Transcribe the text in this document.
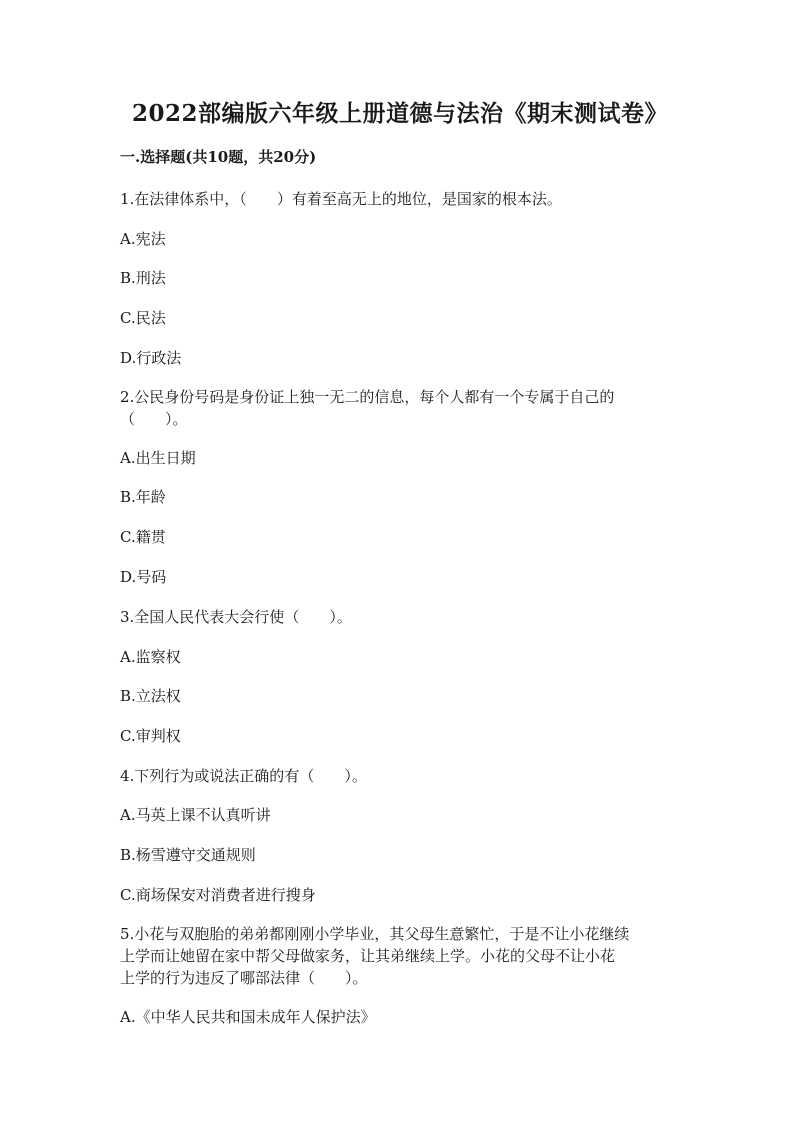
2022部编版六年级上册道德与法治《期末测试卷》
一.选择题(共10题，共20分)
1.在法律体系中，（　　）有着至高无上的地位，是国家的根本法。
A.宪法
B.刑法
C.民法
D.行政法
2.公民身份号码是身份证上独一无二的信息，每个人都有一个专属于自己的
（　　）。
A.出生日期
B.年龄
C.籍贯
D.号码
3.全国人民代表大会行使（　　）。
A.监察权
B.立法权
C.审判权
4.下列行为或说法正确的有（　　）。
A.马英上课不认真听讲
B.杨雪遵守交通规则
C.商场保安对消费者进行搜身
5.小花与双胞胎的弟弟都刚刚小学毕业，其父母生意繁忙，于是不让小花继续
上学而让她留在家中帮父母做家务，让其弟继续上学。小花的父母不让小花
上学的行为违反了哪部法律（　　）。
A.《中华人民共和国未成年人保护法》
